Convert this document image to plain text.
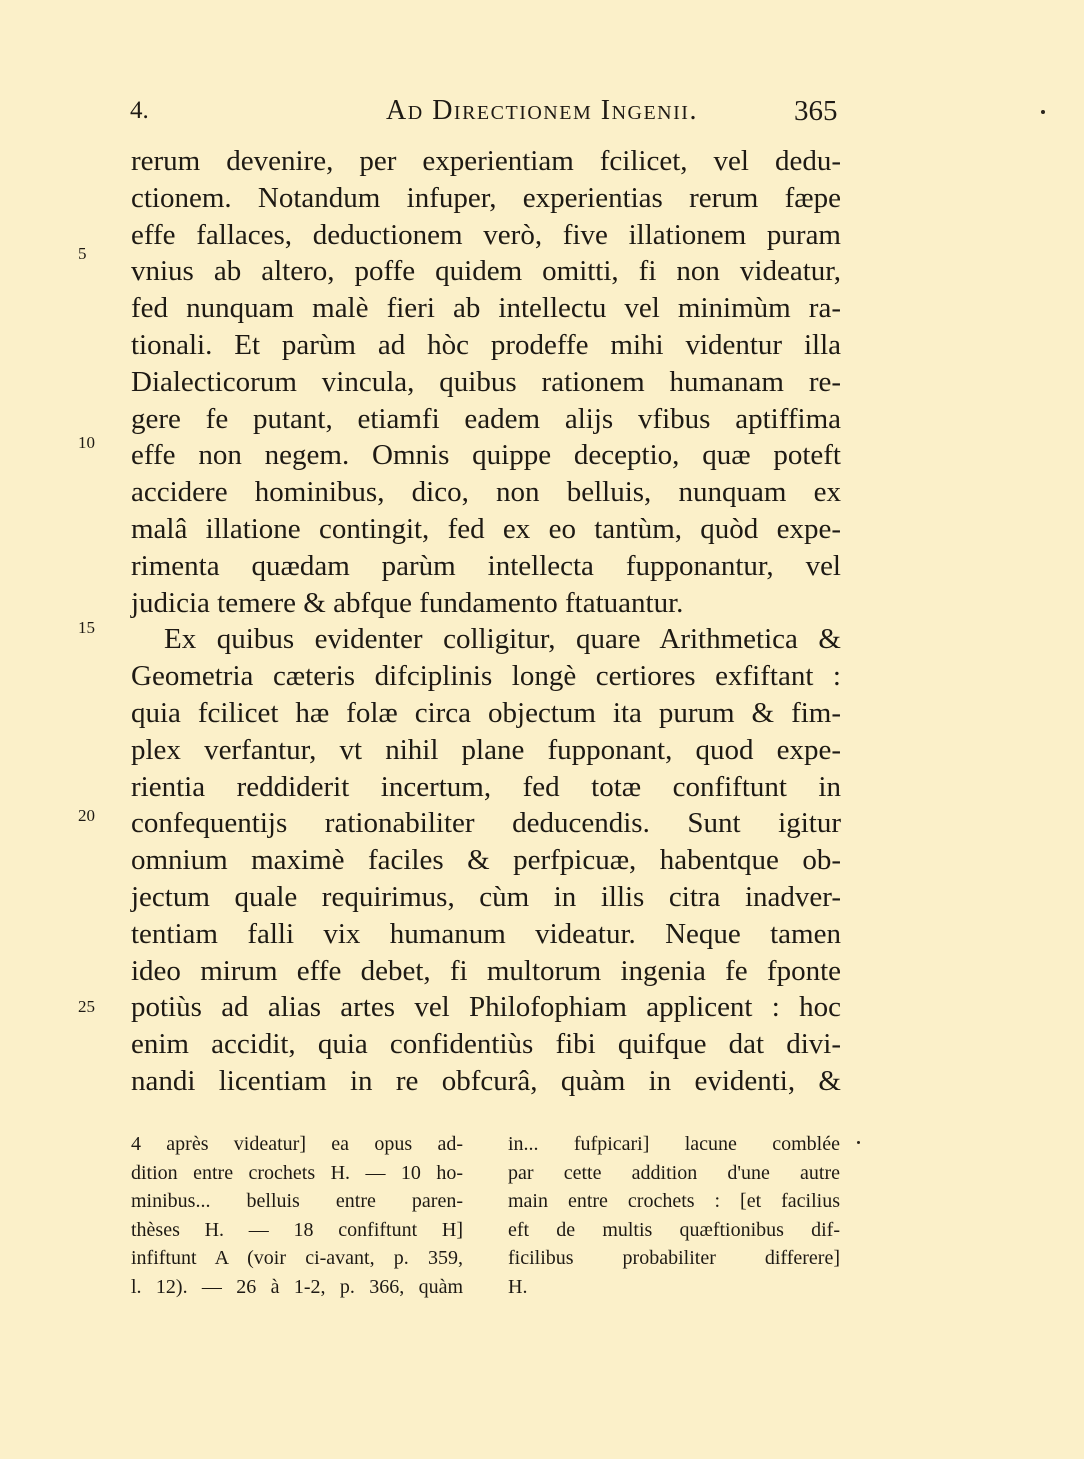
4.	Ad Directionem Ingenii.	365
5
10
15
20
25
rerum devenire, per experientiam fcilicet, vel dedu-
ctionem. Notandum infuper, experientias rerum fæpe
effe fallaces, deductionem verò, five illationem puram
vnius ab altero, poffe quidem omitti, fi non videatur,
fed nunquam malè fieri ab intellectu vel minimùm ra-
tionali. Et parùm ad hòc prodeffe mihi videntur illa
Dialecticorum vincula, quibus rationem humanam re-
gere fe putant, etiamfi eadem alijs vfibus aptiffima
effe non negem. Omnis quippe deceptio, quæ poteft
accidere hominibus, dico, non belluis, nunquam ex
malâ illatione contingit, fed ex eo tantùm, quòd expe-
rimenta quædam parùm intellecta fupponantur, vel
judicia temere & abfque fundamento ftatuantur.
Ex quibus evidenter colligitur, quare Arithmetica &
Geometria cæteris difciplinis longè certiores exfiftant :
quia fcilicet hæ folæ circa objectum ita purum & fim-
plex verfantur, vt nihil plane fupponant, quod expe-
rientia reddiderit incertum, fed totæ confiftunt in
confequentijs rationabiliter deducendis. Sunt igitur
omnium maximè faciles & perfpicuæ, habentque ob-
jectum quale requirimus, cùm in illis citra inadver-
tentiam falli vix humanum videatur. Neque tamen
ideo mirum effe debet, fi multorum ingenia fe fponte
potiùs ad alias artes vel Philofophiam applicent : hoc
enim accidit, quia confidentiùs fibi quifque dat divi-
nandi licentiam in re obfcurâ, quàm in evidenti, &
4 après videatur] ea opus ad-
dition entre crochets H. — 10 ho-
minibus... belluis entre paren-
thèses H. — 18 confiftunt H]
infiftunt A (voir ci-avant, p. 359,
l. 12). — 26 à 1-2, p. 366, quàm
in... fufpicari] lacune comblée
par cette addition d'une autre
main entre crochets : [et facilius
eft de multis quæftionibus dif-
ficilibus probabiliter differere]
H.
